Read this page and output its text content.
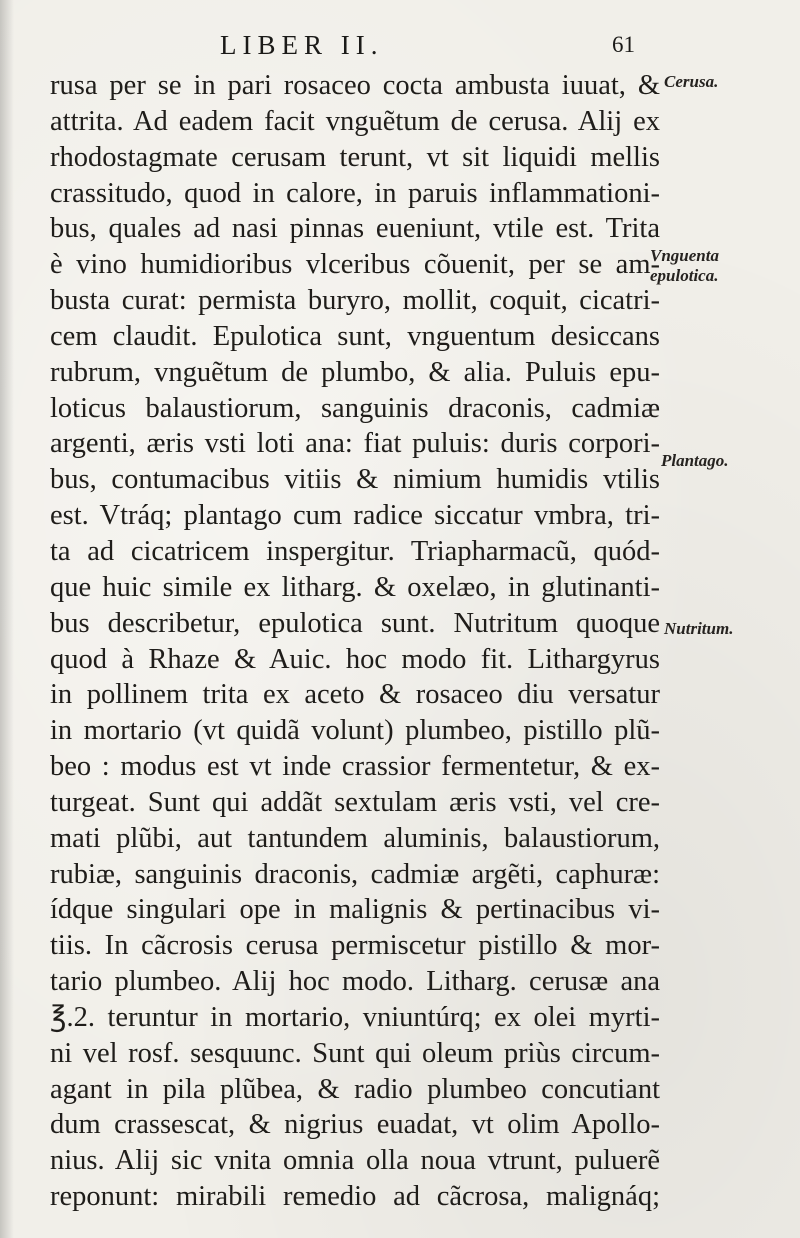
LIBER II.	61
rusa per se in pari rosaceo cocta ambusta iuuat, &
attrita. Ad eadem facit vnguẽtum de cerusa. Alij ex
rhodostagmate cerusam terunt, vt sit liquidi mellis
crassitudo, quod in calore, in paruis inflammationi-
bus, quales ad nasi pinnas eueniunt, vtile est. Trita
è vino humidioribus vlceribus cõuenit, per se am-
busta curat: permista buryro, mollit, coquit, cicatri-
cem claudit. Epulotica sunt, vnguentum desiccans
rubrum, vnguẽtum de plumbo, & alia. Puluis epu-
loticus balaustiorum, sanguinis draconis, cadmiæ
argenti, æris vsti loti ana: fiat puluis: duris corpori-
bus, contumacibus vitiis & nimium humidis vtilis
est. Vtráq; plantago cum radice siccatur vmbra, tri-
ta ad cicatricem inspergitur. Triapharmacũ, quód-
que huic simile ex litharg. & oxelæo, in glutinanti-
bus describetur, epulotica sunt. Nutritum quoque
quod à Rhaze & Auic. hoc modo fit. Lithargyrus
in pollinem trita ex aceto & rosaceo diu versatur
in mortario (vt quidã volunt) plumbeo, pistillo plũ-
beo : modus est vt inde crassior fermentetur, & ex-
turgeat. Sunt qui addãt sextulam æris vsti, vel cre-
mati plũbi, aut tantundem aluminis, balaustiorum,
rubiæ, sanguinis draconis, cadmiæ argẽti, caphuræ:
ídque singulari ope in malignis & pertinacibus vi-
tiis. In cãcrosis cerusa permiscetur pistillo & mor-
tario plumbeo. Alij hoc modo. Litharg. cerusæ ana
℥.2. teruntur in mortario, vniuntúrq; ex olei myrti-
ni vel rosf. sesquunc. Sunt qui oleum priùs circum-
agant in pila plũbea, & radio plumbeo concutiant
dum crassescat, & nigrius euadat, vt olim Apollo-
nius. Alij sic vnita omnia olla noua vtrunt, puluerẽ
reponunt: mirabili remedio ad cãcrosa, malignáq;
Cerusa.
Vnguenta
epulotica.
Plantago.
Nutritum.
